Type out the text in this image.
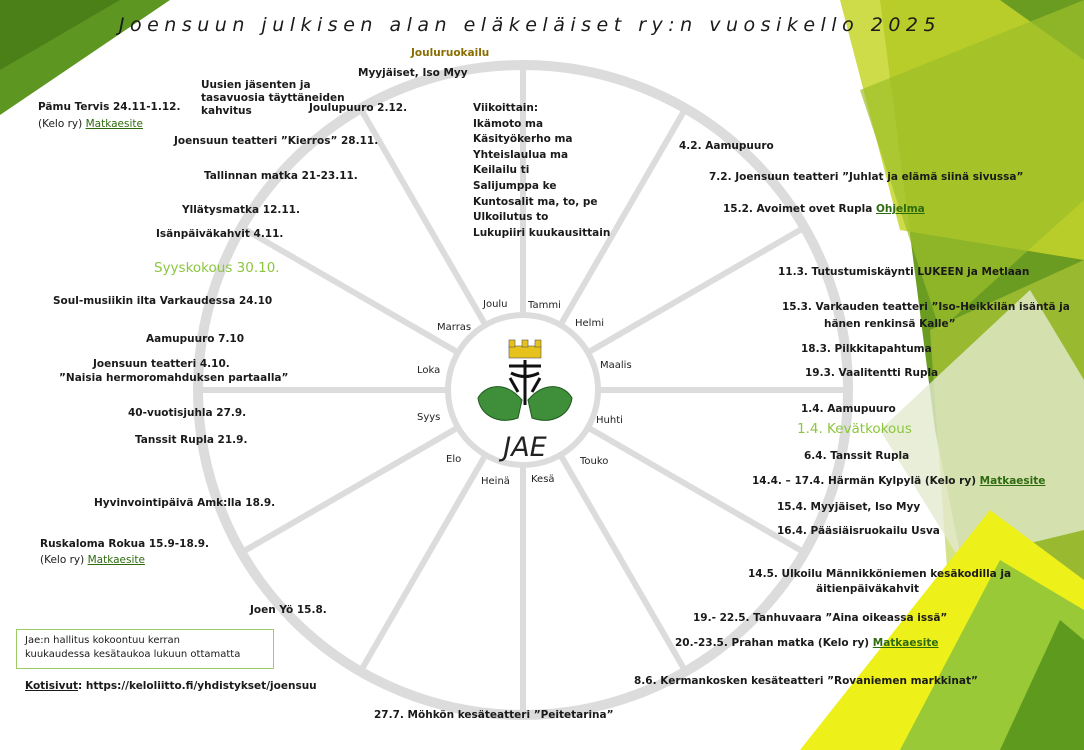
JAE
Joensuun julkisen alan eläkeläiset ry:n vuosikello 2025
Tammi
Helmi
Maalis
Huhti
Touko
Kesä
Heinä
Elo
Syys
Loka
Marras
Joulu
Viikoittain:
Ikämoto ma
Käsityökerho ma
Yhteislaulua ma
Keilailu ti
Salijumppa ke
Kuntosalit ma, to, pe
Ulkoilutus to
Lukupiiri kuukausittain
Jouluruokailu
Myyjäiset, Iso Myy
Uusien jäsenten ja tasavuosia täyttäneiden kahvitus	Joulupuuro 2.12.
Pämu Tervis 24.11-1.12.
(Kelo ry) Matkaesite
Joensuun teatteri ”Kierros” 28.11.
Tallinnan matka 21-23.11.
Yllätysmatka 12.11.
Isänpäiväkahvit 4.11.
Syyskokous 30.10.
Soul-musiikin ilta Varkaudessa 24.10
Aamupuuro 7.10
Joensuun teatteri 4.10.
”Naisia hermoromahduksen partaalla”
40-vuotisjuhla 27.9.
Tanssit Rupla 21.9.
Hyvinvointipäivä Amk:lla 18.9.
Ruskaloma Rokua 15.9-18.9.
(Kelo ry) Matkaesite
Joen Yö 15.8.
27.7. Möhkön kesäteatteri ”Peitetarina”
4.2. Aamupuuro
7.2. Joensuun teatteri ”Juhlat ja elämä siinä sivussa”
15.2. Avoimet ovet Rupla Ohjelma
11.3. Tutustumiskäynti LUKEEN ja Metlaan
15.3. Varkauden teatteri ”Iso-Heikkilän isäntä ja
hänen renkinsä Kalle”
18.3. Pilkkitapahtuma
19.3. Vaalitentti Rupla
1.4. Aamupuuro
1.4. Kevätkokous
6.4. Tanssit Rupla
14.4. – 17.4. Härmän Kylpylä (Kelo ry) Matkaesite
15.4. Myyjäiset, Iso Myy
16.4. Pääsiäisruokailu Usva
14.5. Ulkoilu Männikköniemen kesäkodilla ja
äitienpäiväkahvit
19.- 22.5. Tanhuvaara ”Aina oikeassa issä”
20.-23.5. Prahan matka (Kelo ry) Matkaesite
8.6. Kermankosken kesäteatteri ”Rovaniemen markkinat”
Jae:n hallitus kokoontuu kerran
kuukaudessa kesätaukoa lukuun ottamatta
Kotisivut: https://keloliitto.fi/yhdistykset/joensuu
